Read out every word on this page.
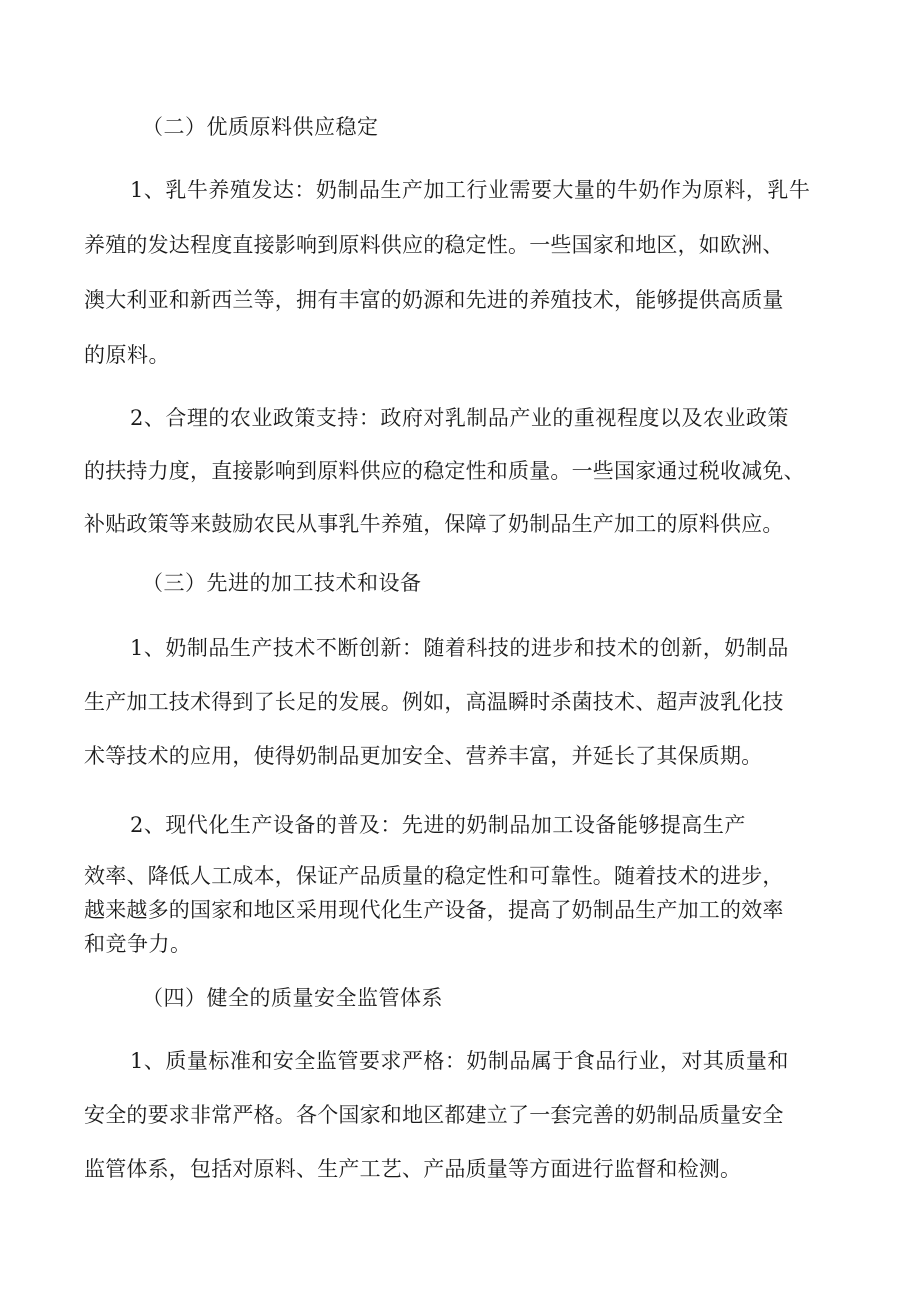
（二）优质原料供应稳定
1、乳牛养殖发达：奶制品生产加工行业需要大量的牛奶作为原料，乳牛
养殖的发达程度直接影响到原料供应的稳定性。一些国家和地区，如欧洲、
澳大利亚和新西兰等，拥有丰富的奶源和先进的养殖技术，能够提供高质量
的原料。
2、合理的农业政策支持：政府对乳制品产业的重视程度以及农业政策
的扶持力度，直接影响到原料供应的稳定性和质量。一些国家通过税收减免、
补贴政策等来鼓励农民从事乳牛养殖，保障了奶制品生产加工的原料供应。
（三）先进的加工技术和设备
1、奶制品生产技术不断创新：随着科技的进步和技术的创新，奶制品
生产加工技术得到了长足的发展。例如，高温瞬时杀菌技术、超声波乳化技
术等技术的应用，使得奶制品更加安全、营养丰富，并延长了其保质期。
2、现代化生产设备的普及：先进的奶制品加工设备能够提高生产
效率、降低人工成本，保证产品质量的稳定性和可靠性。随着技术的进步，
越来越多的国家和地区采用现代化生产设备，提高了奶制品生产加工的效率
和竞争力。
（四）健全的质量安全监管体系
1、质量标准和安全监管要求严格：奶制品属于食品行业，对其质量和
安全的要求非常严格。各个国家和地区都建立了一套完善的奶制品质量安全
监管体系，包括对原料、生产工艺、产品质量等方面进行监督和检测。
